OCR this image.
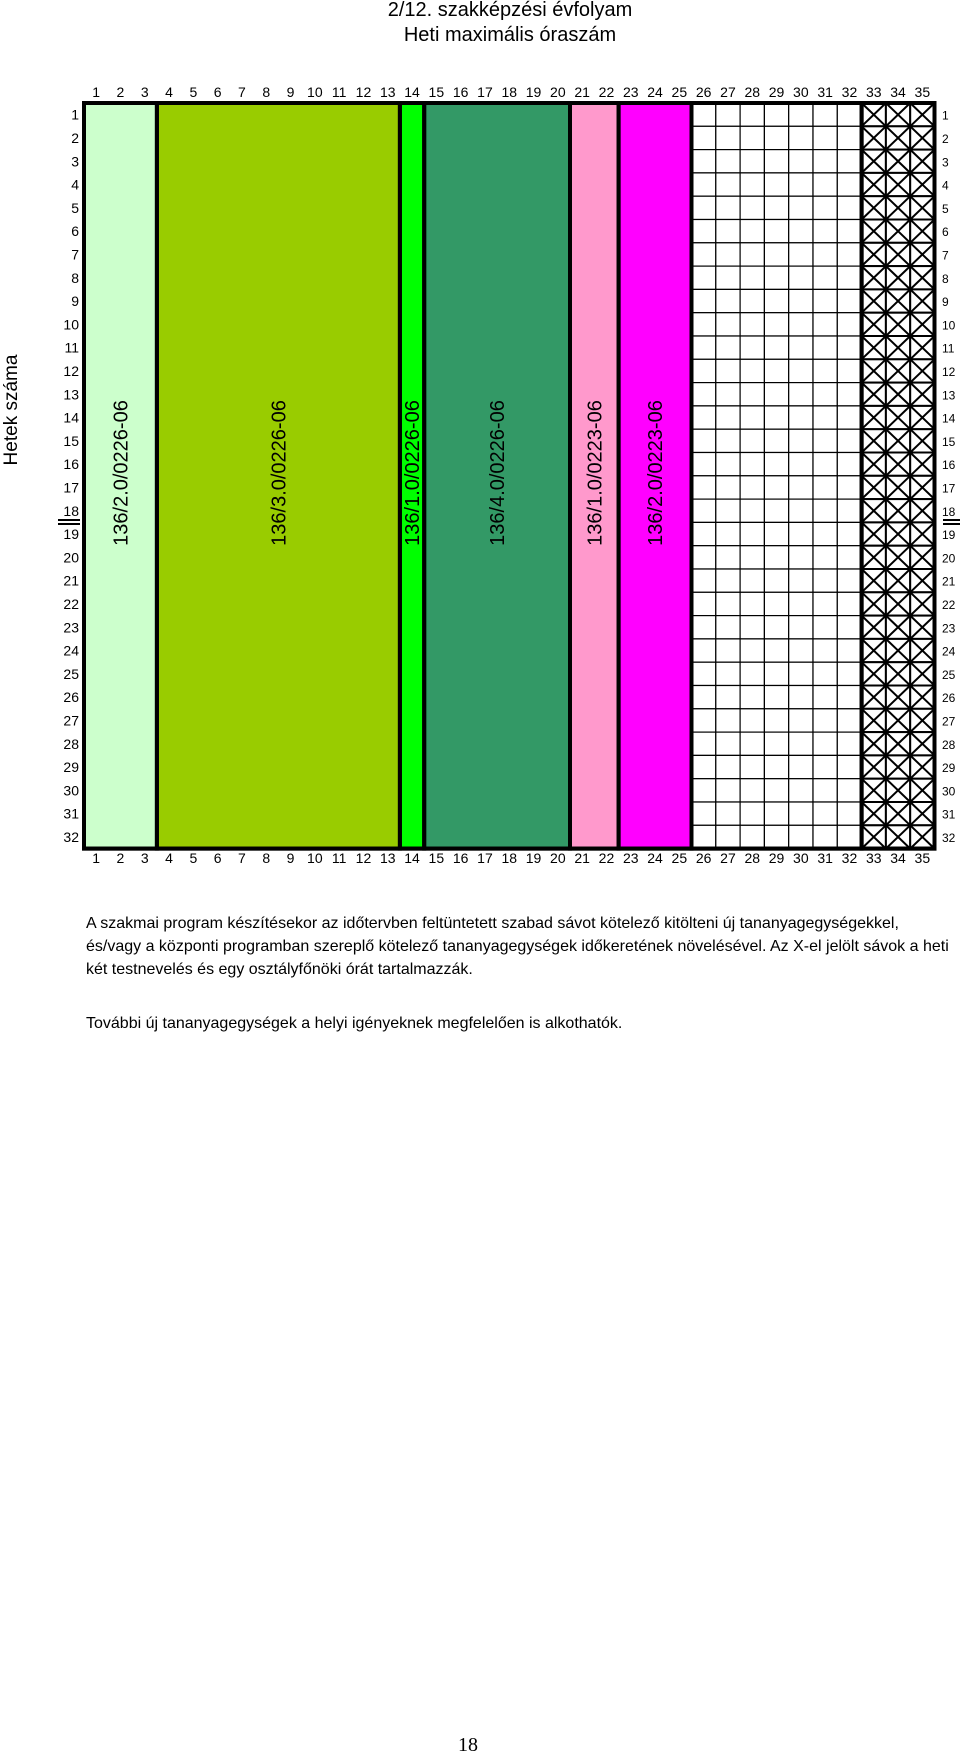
2/12. szakképzési évfolyam
Heti maximális óraszám
Hetek száma
1
1
2
2
3
3
4
4
5
5
6
6
7
7
8
8
9
9
10
10
11
11
12
12
13
13
14
14
15
15
16
16
17
17
18
18
19
19
20
20
21
21
22
22
23
23
24
24
25
25
26
26
27
27
28
28
29
29
30
30
31
31
32
32
33
33
34
34
35
35
1	1
2	2
3	3
4	4
5	5
6	6
7	7
8	8
9	9
10	10
11	11
12	12
13	13
14	14
15	15
16	16
17	17
18	18
19	19
20	20
21	21
22	22
23	23
24	24
25	25
26	26
27	27
28	28
29	29
30	30
31	31
32	32
136/2.0/0226-06	136/3.0/0226-06	136/1.0/0226-06	136/4.0/0226-06	136/1.0/0223-06 136/2.0/0223-06
A szakmai program készítésekor az időtervben feltüntetett szabad sávot kötelező kitölteni új tananyagegységekkel, és/vagy a központi programban szereplő kötelező tananyagegységek időkeretének növelésével. Az X-el jelölt sávok a heti két testnevelés és egy osztályfőnöki órát tartalmazzák.
További új tananyagegységek a helyi igényeknek megfelelően is alkothatók.
18
